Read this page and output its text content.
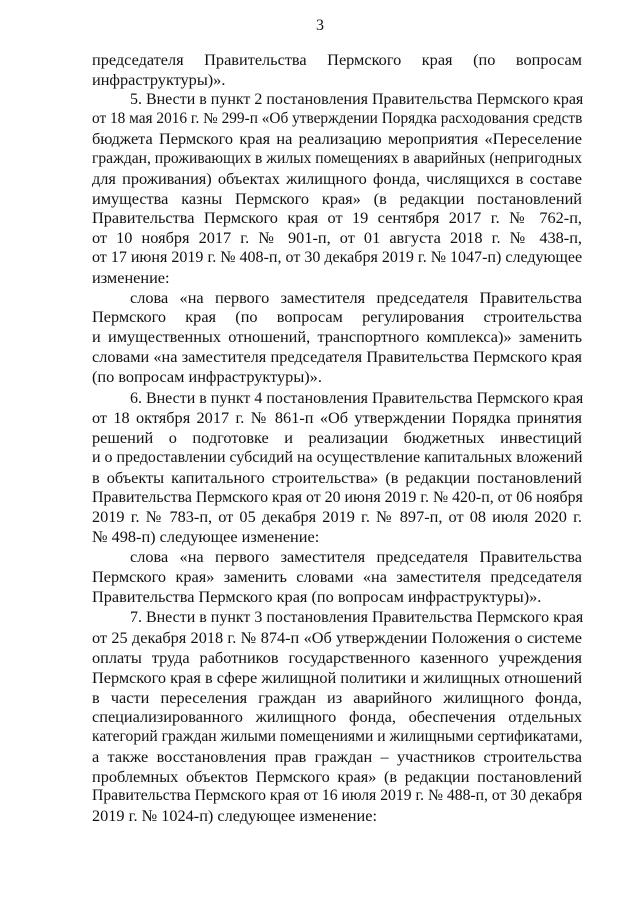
3
председателя Правительства Пермского края (по вопросам
инфраструктуры)».
5. Внести в пункт 2 постановления Правительства Пермского края
от 18 мая 2016 г. № 299-п «Об утверждении Порядка расходования средств
бюджета Пермского края на реализацию мероприятия «Переселение
граждан, проживающих в жилых помещениях в аварийных (непригодных
для проживания) объектах жилищного фонда, числящихся в составе
имущества казны Пермского края» (в редакции постановлений
Правительства Пермского края от 19 сентября 2017 г. № 762-п,
от 10 ноября 2017 г. № 901-п, от 01 августа 2018 г. № 438-п,
от 17 июня 2019 г. № 408-п, от 30 декабря 2019 г. № 1047-п) следующее
изменение:
слова «на первого заместителя председателя Правительства
Пермского края (по вопросам регулирования строительства
и имущественных отношений, транспортного комплекса)» заменить
словами «на заместителя председателя Правительства Пермского края
(по вопросам инфраструктуры)».
6. Внести в пункт 4 постановления Правительства Пермского края
от 18 октября 2017 г. № 861-п «Об утверждении Порядка принятия
решений о подготовке и реализации бюджетных инвестиций
и о предоставлении субсидий на осуществление капитальных вложений
в объекты капитального строительства» (в редакции постановлений
Правительства Пермского края от 20 июня 2019 г. № 420-п, от 06 ноября
2019 г. № 783-п, от 05 декабря 2019 г. № 897-п, от 08 июля 2020 г.
№ 498-п) следующее изменение:
слова «на первого заместителя председателя Правительства
Пермского края» заменить словами «на заместителя председателя
Правительства Пермского края (по вопросам инфраструктуры)».
7. Внести в пункт 3 постановления Правительства Пермского края
от 25 декабря 2018 г. № 874-п «Об утверждении Положения о системе
оплаты труда работников государственного казенного учреждения
Пермского края в сфере жилищной политики и жилищных отношений
в части переселения граждан из аварийного жилищного фонда,
специализированного жилищного фонда, обеспечения отдельных
категорий граждан жилыми помещениями и жилищными сертификатами,
а также восстановления прав граждан – участников строительства
проблемных объектов Пермского края» (в редакции постановлений
Правительства Пермского края от 16 июля 2019 г. № 488-п, от 30 декабря
2019 г. № 1024-п) следующее изменение:
